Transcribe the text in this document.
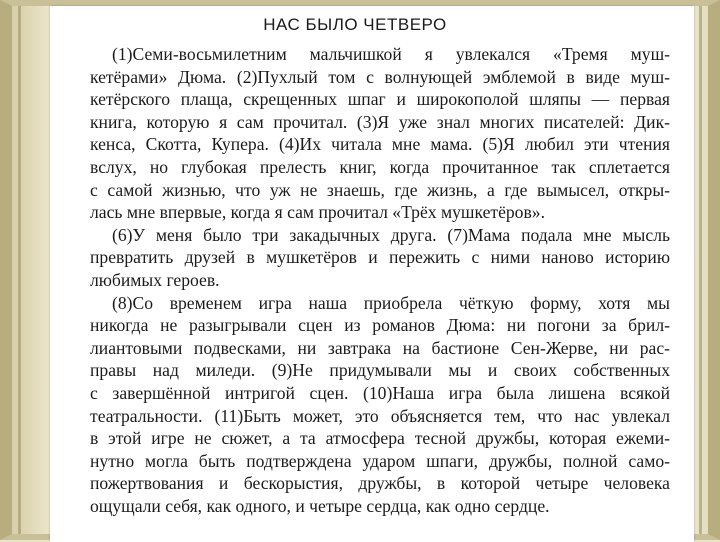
НАС БЫЛО ЧЕТВЕРО
(1)Семи-восьмилетним мальчишкой я увлекался «Тремя муш-
кетёрами» Дюма. (2)Пухлый том с волнующей эмблемой в виде муш-
кетёрского плаща, скрещенных шпаг и широкополой шляпы — первая
книга, которую я сам прочитал. (3)Я уже знал многих писателей: Дик-
кенса, Скотта, Купера. (4)Их читала мне мама. (5)Я любил эти чтения
вслух, но глубокая прелесть книг, когда прочитанное так сплетается
с самой жизнью, что уж не знаешь, где жизнь, а где вымысел, откры-
лась мне впервые, когда я сам прочитал «Трёх мушкетёров».
(6)У меня было три закадычных друга. (7)Мама подала мне мысль
превратить друзей в мушкетёров и пережить с ними наново историю
любимых героев.
(8)Со временем игра наша приобрела чёткую форму, хотя мы
никогда не разыгрывали сцен из романов Дюма: ни погони за брил-
лиантовыми подвесками, ни завтрака на бастионе Сен-Жерве, ни рас-
правы над миледи. (9)Не придумывали мы и своих собственных
с завершённой интригой сцен. (10)Наша игра была лишена всякой
театральности. (11)Быть может, это объясняется тем, что нас увлекал
в этой игре не сюжет, а та атмосфера тесной дружбы, которая ежеми-
нутно могла быть подтверждена ударом шпаги, дружбы, полной само-
пожертвования и бескорыстия, дружбы, в которой четыре человека
ощущали себя, как одного, и четыре сердца, как одно сердце.
